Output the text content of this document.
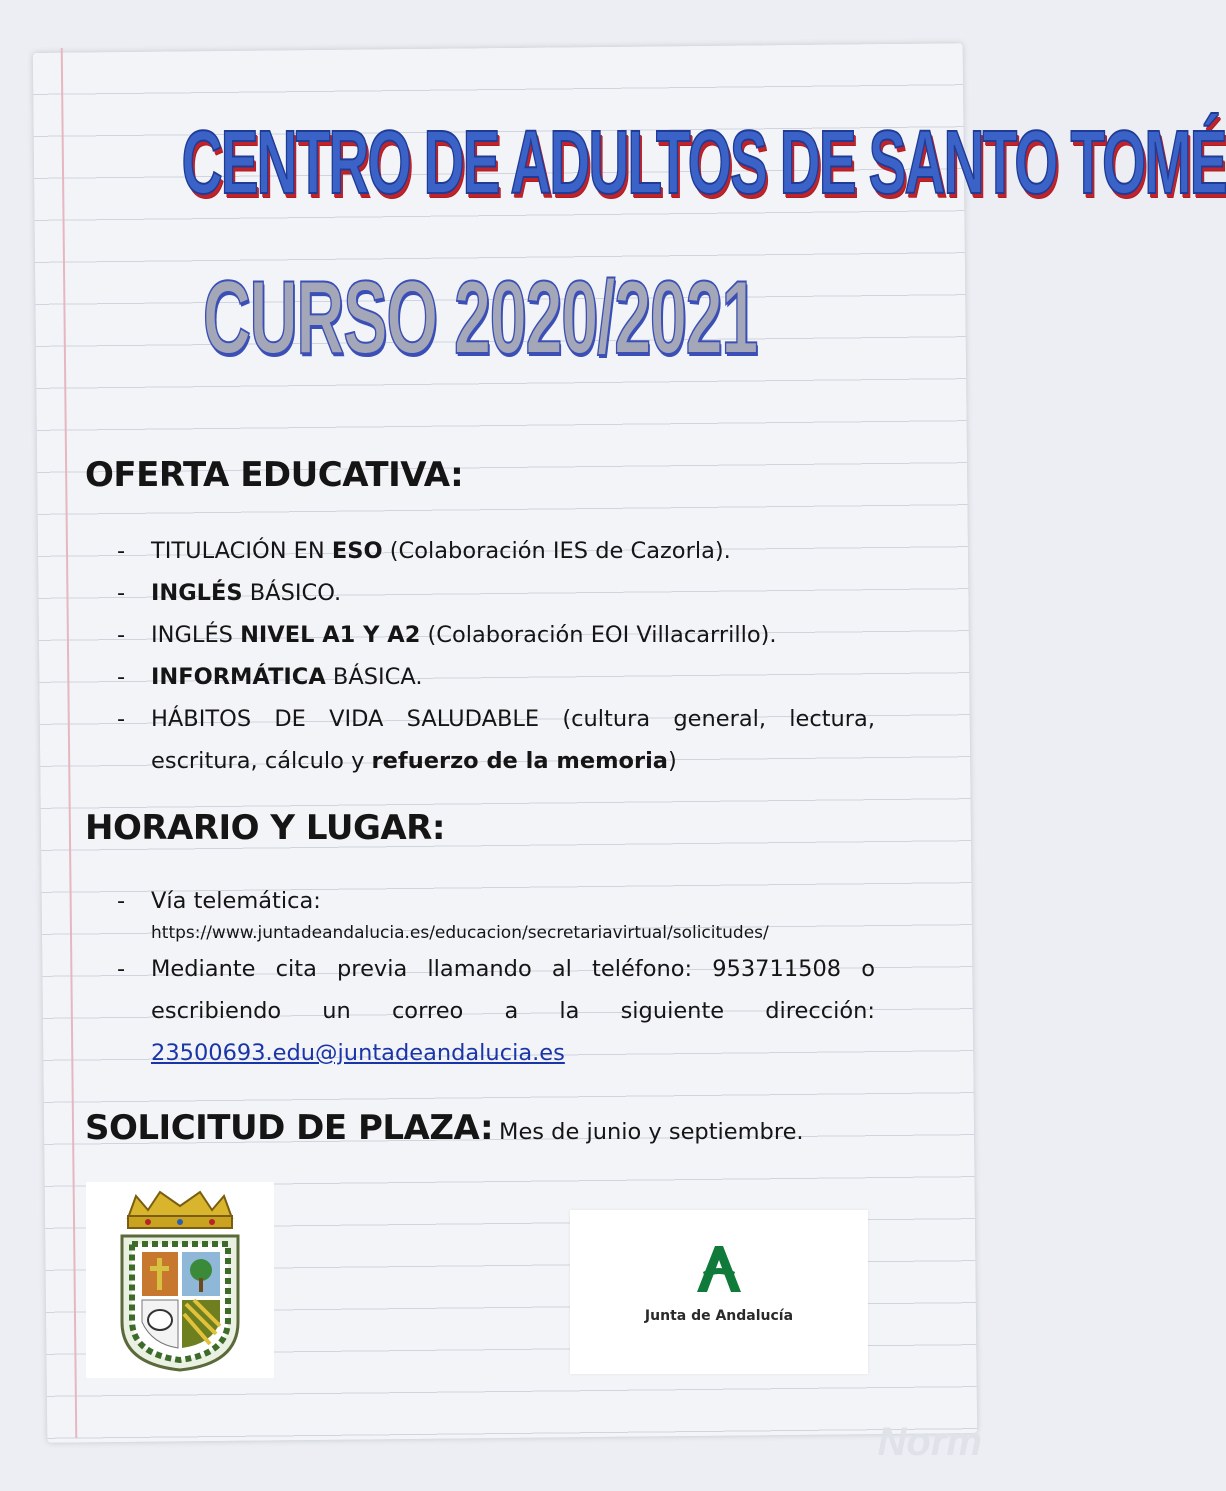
Norm
CENTRO DE ADULTOS DE SANTO TOMÉ
CURSO 2020/2021
OFERTA EDUCATIVA:
- TITULACIÓN EN ESO (Colaboración IES de Cazorla).
- INGLÉS BÁSICO.
- INGLÉS NIVEL A1 Y A2 (Colaboración EOI Villacarrillo).
- INFORMÁTICA BÁSICA.
- HÁBITOS DE VIDA SALUDABLE (cultura general, lectura, escritura, cálculo y refuerzo de la memoria)
HORARIO Y LUGAR:
- Vía telemática:
https://www.juntadeandalucia.es/educacion/secretariavirtual/solicitudes/
- Mediante cita previa llamando al teléfono: 953711508 o escribiendo un correo a la siguiente dirección: 23500693.edu@juntadeandalucia.es
SOLICITUD DE PLAZA: Mes de junio y septiembre.
Junta de Andalucía
